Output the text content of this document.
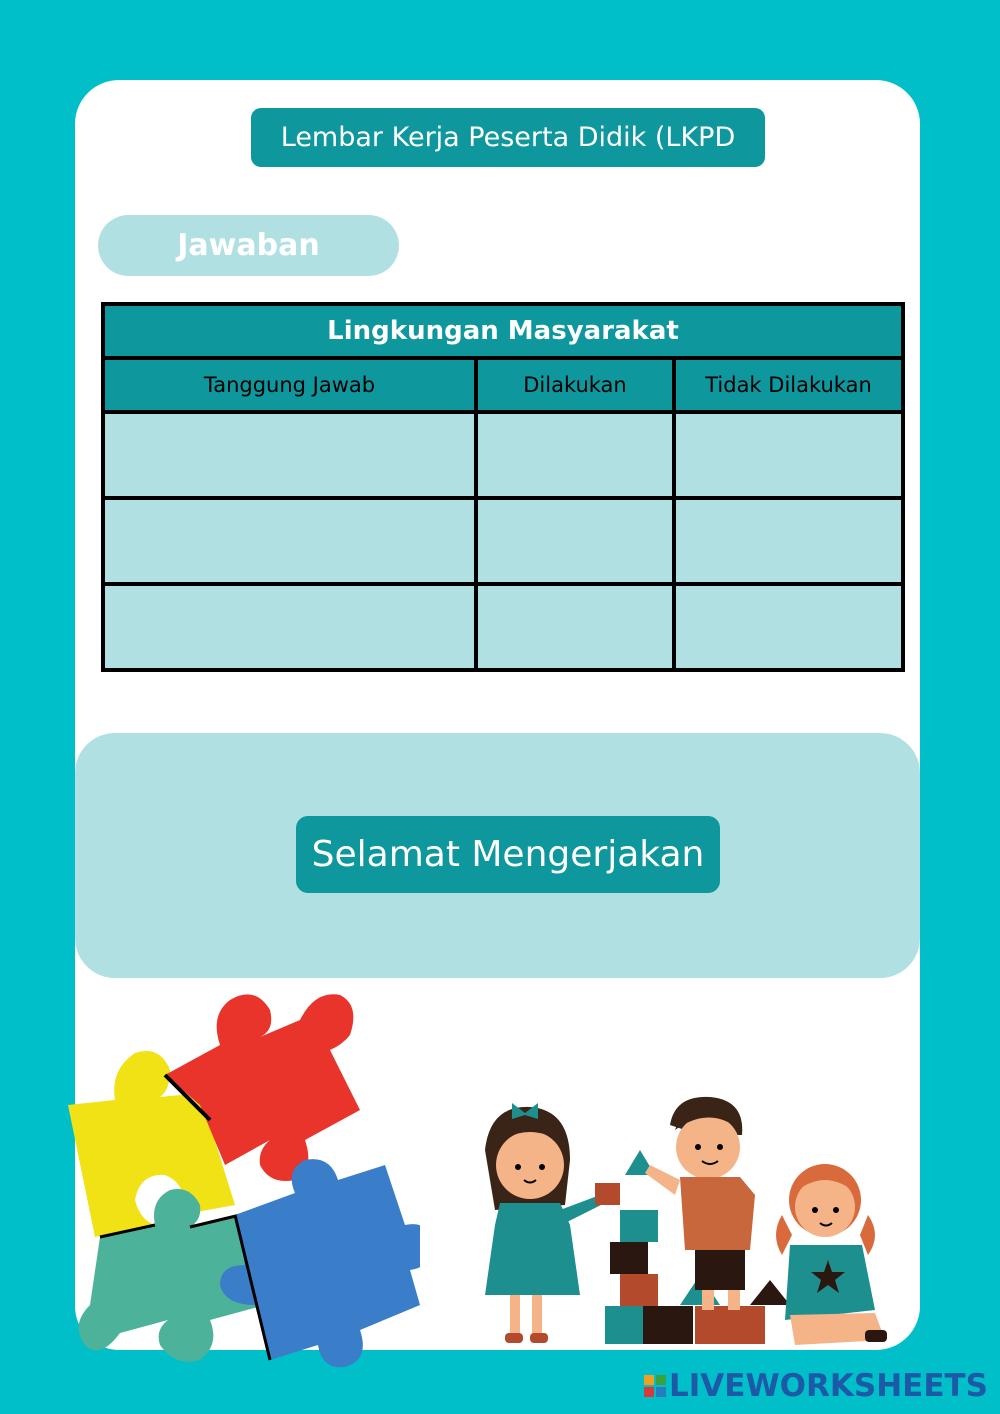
Lembar Kerja Peserta Didik (LKPD
Jawaban
Lingkungan Masyarakat		
Tanggung Jawab	Dilakukan	Tidak Dilakukan

Selamat Mengerjakan
LIVEWORKSHEETS
